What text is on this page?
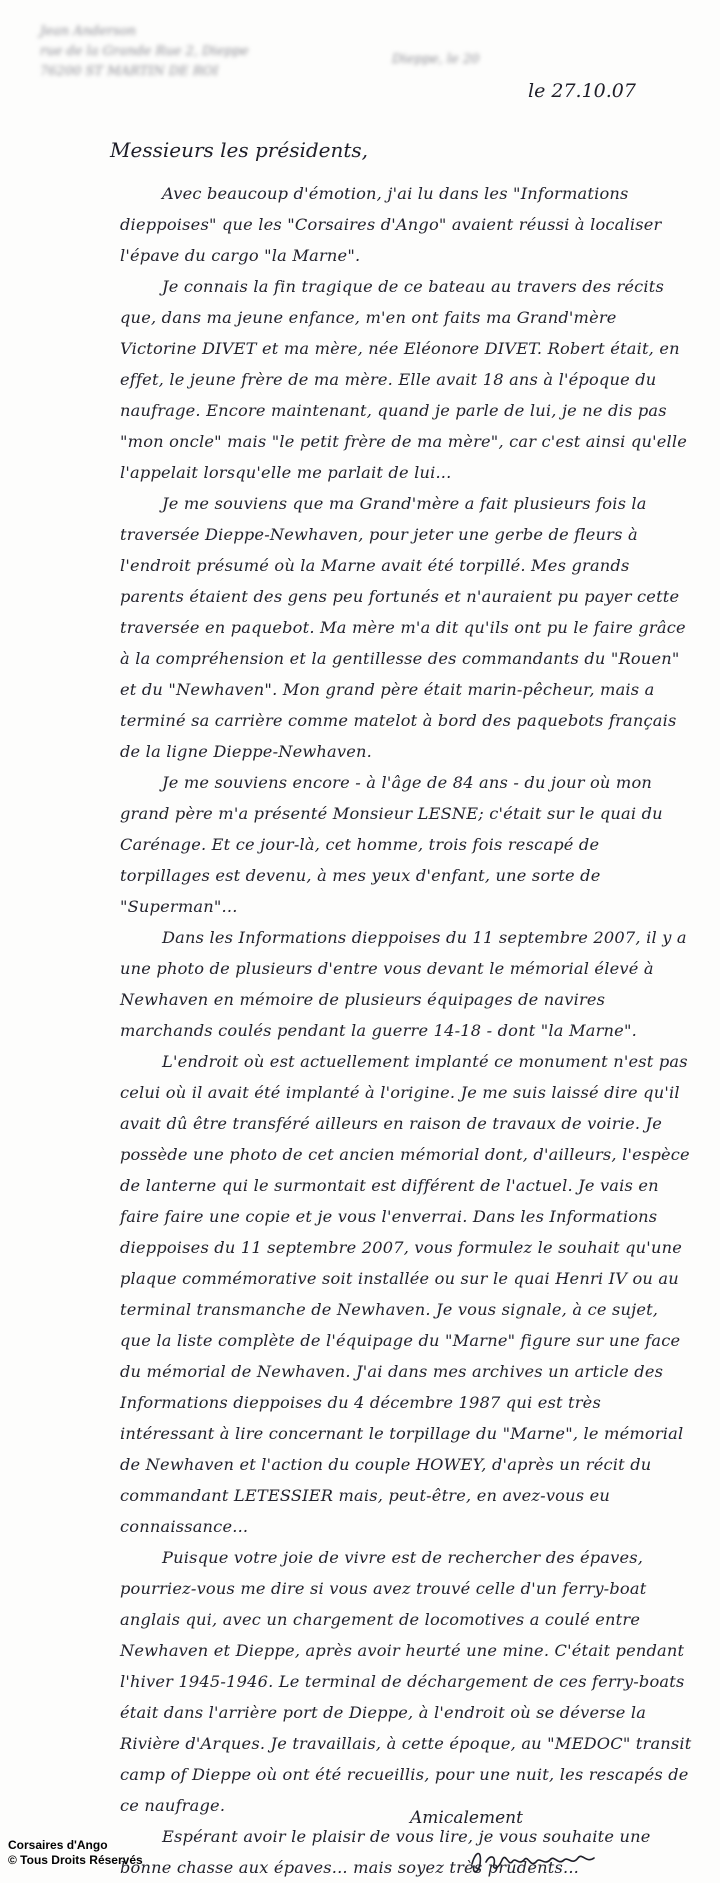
Jean Anderson
rue de la Grande Rue 2, Dieppe
76200 ST MARTIN DE ROI
Dieppe, le 20
le 27.10.07
Messieurs les présidents,

Avec beaucoup d'émotion, j'ai lu dans les "Informations dieppoises" que les "Corsaires d'Ango" avaient réussi à localiser l'épave du cargo "la Marne".

Je connais la fin tragique de ce bateau au travers des récits que, dans ma jeune enfance, m'en ont faits ma Grand'mère Victorine DIVET et ma mère, née Eléonore DIVET. Robert était, en effet, le jeune frère de ma mère. Elle avait 18 ans à l'époque du naufrage. Encore maintenant, quand je parle de lui, je ne dis pas "mon oncle" mais "le petit frère de ma mère", car c'est ainsi qu'elle l'appelait lorsqu'elle me parlait de lui...

Je me souviens que ma Grand'mère a fait plusieurs fois la traversée Dieppe-Newhaven, pour jeter une gerbe de fleurs à l'endroit présumé où la Marne avait été torpillé. Mes grands parents étaient des gens peu fortunés et n'auraient pu payer cette traversée en paquebot. Ma mère m'a dit qu'ils ont pu le faire grâce à la compréhension et la gentillesse des commandants du "Rouen" et du "Newhaven". Mon grand père était marin-pêcheur, mais a terminé sa carrière comme matelot à bord des paquebots français de la ligne Dieppe-Newhaven.

Je me souviens encore - à l'âge de 84 ans - du jour où mon grand père m'a présenté Monsieur LESNE; c'était sur le quai du Carénage. Et ce jour-là, cet homme, trois fois rescapé de torpillages est devenu, à mes yeux d'enfant, une sorte de "Superman"...

Dans les Informations dieppoises du 11 septembre 2007, il y a une photo de plusieurs d'entre vous devant le mémorial élevé à Newhaven en mémoire de plusieurs équipages de navires marchands coulés pendant la guerre 14-18 - dont "la Marne".

L'endroit où est actuellement implanté ce monument n'est pas celui où il avait été implanté à l'origine. Je me suis laissé dire qu'il avait dû être transféré ailleurs en raison de travaux de voirie. Je possède une photo de cet ancien mémorial dont, d'ailleurs, l'espèce de lanterne qui le surmontait est différent de l'actuel. Je vais en faire faire une copie et je vous l'enverrai. Dans les Informations dieppoises du 11 septembre 2007, vous formulez le souhait qu'une plaque commémorative soit installée ou sur le quai Henri IV ou au terminal transmanche de Newhaven. Je vous signale, à ce sujet, que la liste complète de l'équipage du "Marne" figure sur une face du mémorial de Newhaven. J'ai dans mes archives un article des Informations dieppoises du 4 décembre 1987 qui est très intéressant à lire concernant le torpillage du "Marne", le mémorial de Newhaven et l'action du couple HOWEY, d'après un récit du commandant LETESSIER mais, peut-être, en avez-vous eu connaissance...

Puisque votre joie de vivre est de rechercher des épaves, pourriez-vous me dire si vous avez trouvé celle d'un ferry-boat anglais qui, avec un chargement de locomotives a coulé entre Newhaven et Dieppe, après avoir heurté une mine. C'était pendant l'hiver 1945-1946. Le terminal de déchargement de ces ferry-boats était dans l'arrière port de Dieppe, à l'endroit où se déverse la Rivière d'Arques. Je travaillais, à cette époque, au "MEDOC" transit camp of Dieppe où ont été recueillis, pour une nuit, les rescapés de ce naufrage.

Espérant avoir le plaisir de vous lire, je vous souhaite une bonne chasse aux épaves... mais soyez très prudents...

Amicalement
Corsaires d'Ango
© Tous Droits Réservés
